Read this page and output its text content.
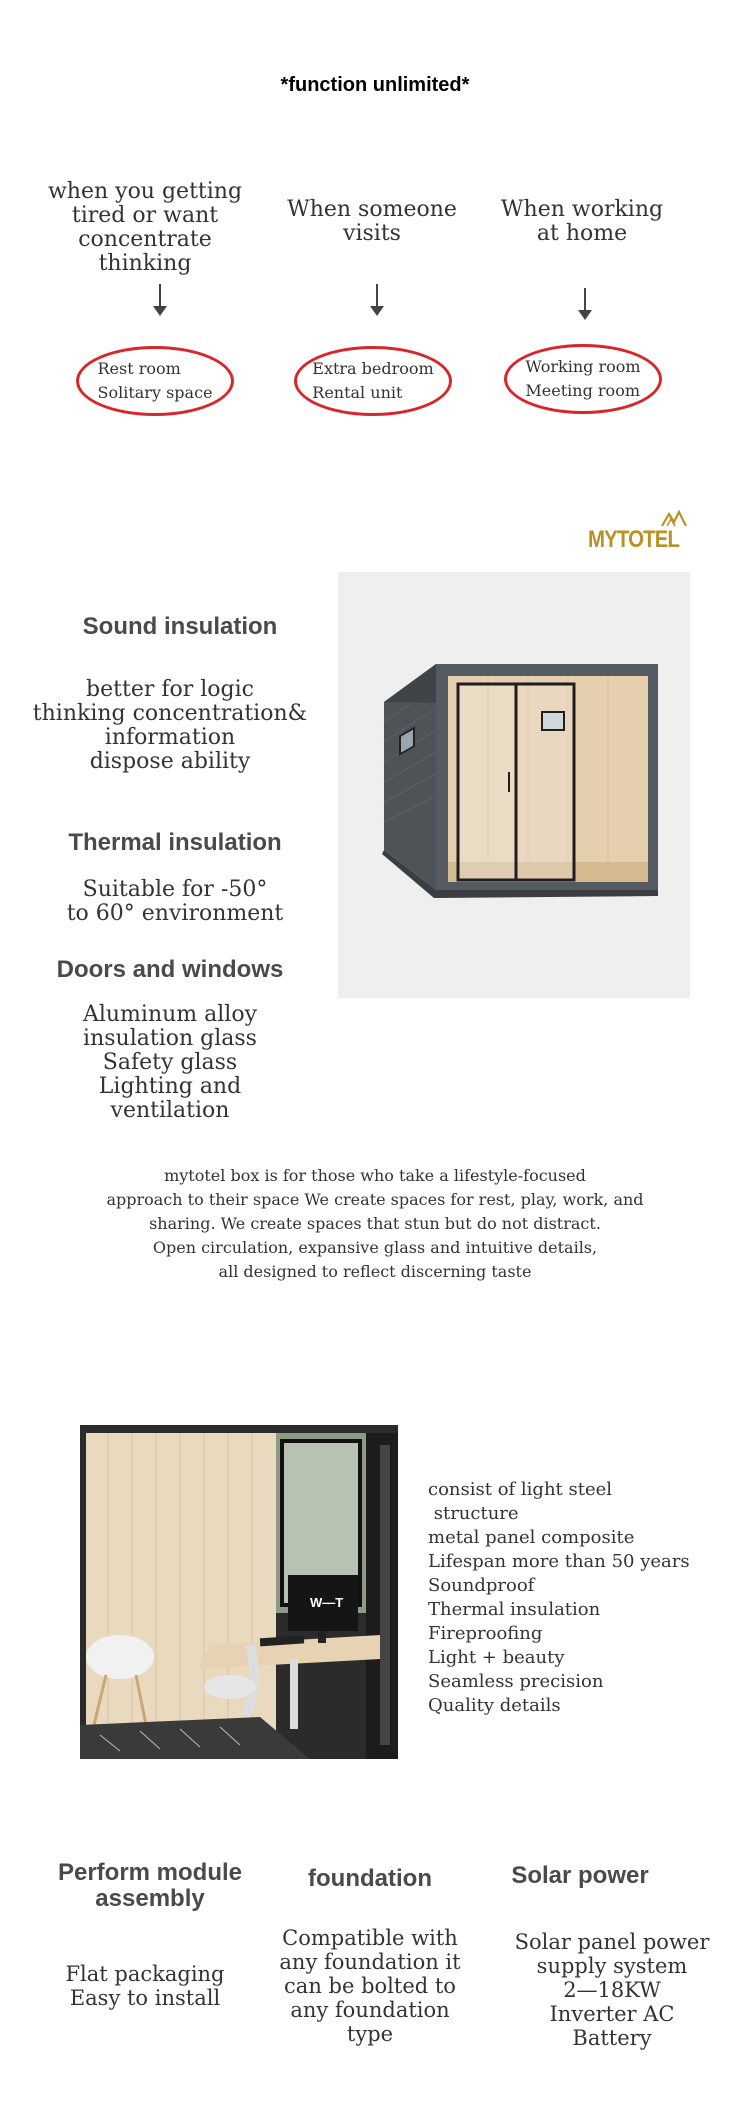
*function unlimited*
when you getting
tired or want
concentrate
thinking
When someone
visits
When working
at home
Rest room
Solitary space
Extra bedroom
Rental unit
Working room
Meeting room
MYTOTEL
Sound insulation
better for logic
thinking concentration&
information
dispose ability
Thermal insulation
Suitable for -50°
to 60° environment
Doors and windows
Aluminum alloy
insulation glass
Safety glass
Lighting and
ventilation
mytotel box is for those who take a lifestyle-focused
approach to their space We create spaces for rest, play, work, and
sharing. We create spaces that stun but do not distract.
Open circulation, expansive glass and intuitive details,
all designed to reflect discerning taste
W—T
consist of light steel
structure
metal panel composite
Lifespan more than 50 years
Soundproof
Thermal insulation
Fireproofing
Light + beauty
Seamless precision
Quality details
Perform module
assembly
Flat packaging
Easy to install
foundation
Compatible with
any foundation it
can be bolted to
any foundation
type
Solar power
Solar panel power
supply system
2—18KW
Inverter AC
Battery
